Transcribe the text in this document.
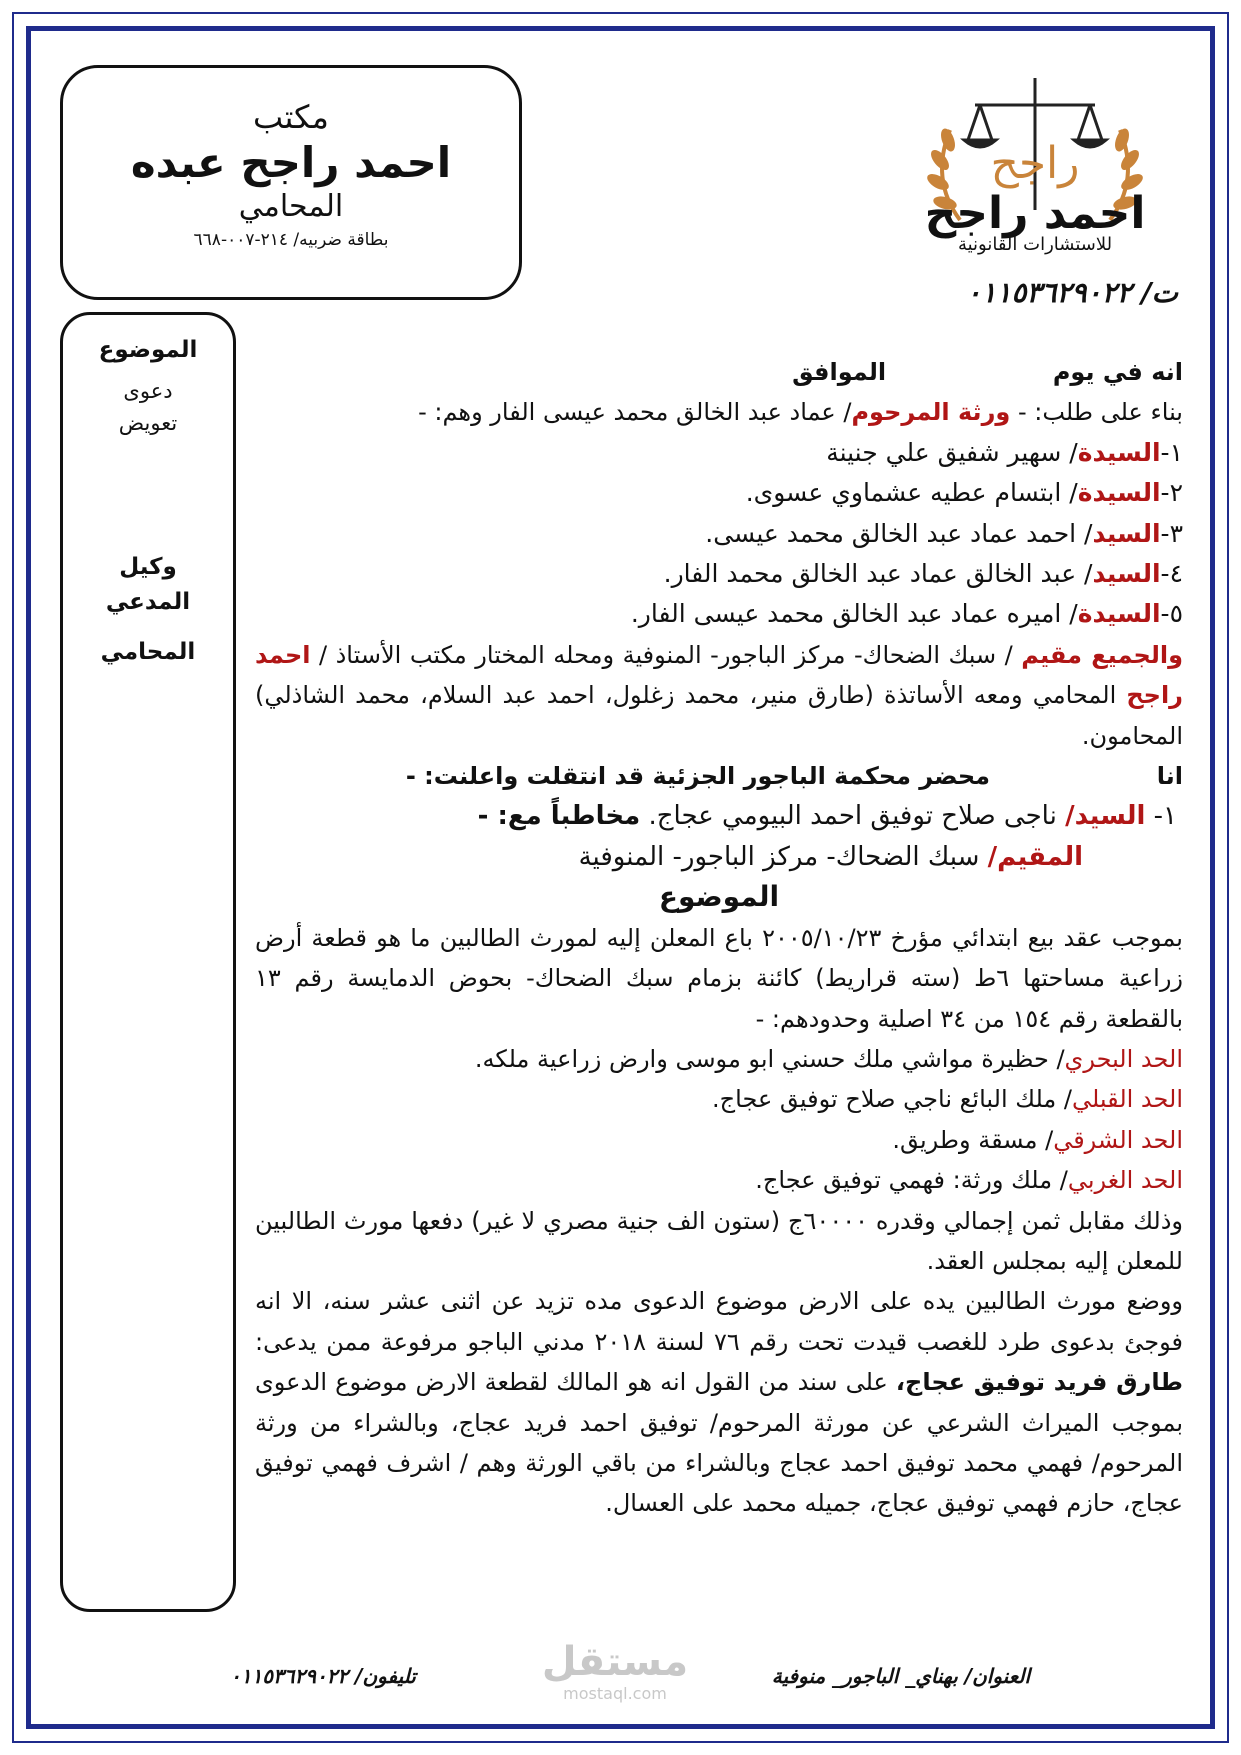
مكتب
احمد راجح عبده
المحامي
بطاقة ضربيه/ ٢١٤-٠٠٧-٦٦٨
راجح
احمد راجح
للاستشارات القانونية
ت/ ٠١١٥٣٦٢٩٠٢٢
الموضوع
دعوى تعويض
وكيل المدعي
المحامي

انه في يوم  الموافق

بناء على طلب: - ورثة المرحوم/ عماد عبد الخالق محمد عيسى الفار وهم: -

١-السيدة/ سهير شفيق علي جنينة

٢-السيدة/ ابتسام عطيه عشماوي عسوى.

٣-السيد/ احمد عماد عبد الخالق محمد عيسى.

٤-السيد/ عبد الخالق عماد عبد الخالق محمد الفار.

٥-السيدة/ اميره عماد عبد الخالق محمد عيسى الفار.

والجميع مقيم / سبك الضحاك- مركز الباجور- المنوفية ومحله المختار مكتب الأستاذ / احمد راجح المحامي ومعه الأساتذة (طارق منير، محمد زغلول، احمد عبد السلام، محمد الشاذلي) المحامون.

انا  محضر محكمة الباجور الجزئية قد انتقلت واعلنت: -

١- السيد/ ناجى صلاح توفيق احمد البيومي عجاج. مخاطباً مع: -

المقيم/ سبك الضحاك- مركز الباجور- المنوفية

الموضوع

بموجب عقد بيع ابتدائي مؤرخ ٢٠٠٥/١٠/٢٣ باع المعلن إليه لمورث الطالبين ما هو قطعة أرض زراعية مساحتها ٦ط (سته قراريط) كائنة بزمام سبك الضحاك- بحوض الدمايسة رقم ١٣ بالقطعة رقم ١٥٤ من ٣٤ اصلية وحدودهم: -

الحد البحري/ حظيرة مواشي ملك حسني ابو موسى وارض زراعية ملكه.

الحد القبلي/ ملك البائع ناجي صلاح توفيق عجاج.

الحد الشرقي/ مسقة وطريق.

الحد الغربي/ ملك ورثة: فهمي توفيق عجاج.

وذلك مقابل ثمن إجمالي وقدره ٦٠٠٠٠ج (ستون الف جنية مصري لا غير) دفعها مورث الطالبين للمعلن إليه بمجلس العقد.

ووضع مورث الطالبين يده على الارض موضوع الدعوى مده تزيد عن اثنى عشر سنه، الا انه فوجئ بدعوى طرد للغصب قيدت تحت رقم ٧٦ لسنة ٢٠١٨ مدني الباجو مرفوعة ممن يدعى: طارق فريد توفيق عجاج، على سند من القول انه هو المالك لقطعة الارض موضوع الدعوى بموجب الميراث الشرعي عن مورثة المرحوم/ توفيق احمد فريد عجاج، وبالشراء من ورثة المرحوم/ فهمي محمد توفيق احمد عجاج وبالشراء من باقي الورثة وهم / اشرف فهمي توفيق عجاج، حازم فهمي توفيق عجاج، جميله محمد على العسال.

العنوان/ بهناي_ الباجور_ منوفية
مستقل
mostaql.com
تليفون/ ٠١١٥٣٦٢٩٠٢٢
